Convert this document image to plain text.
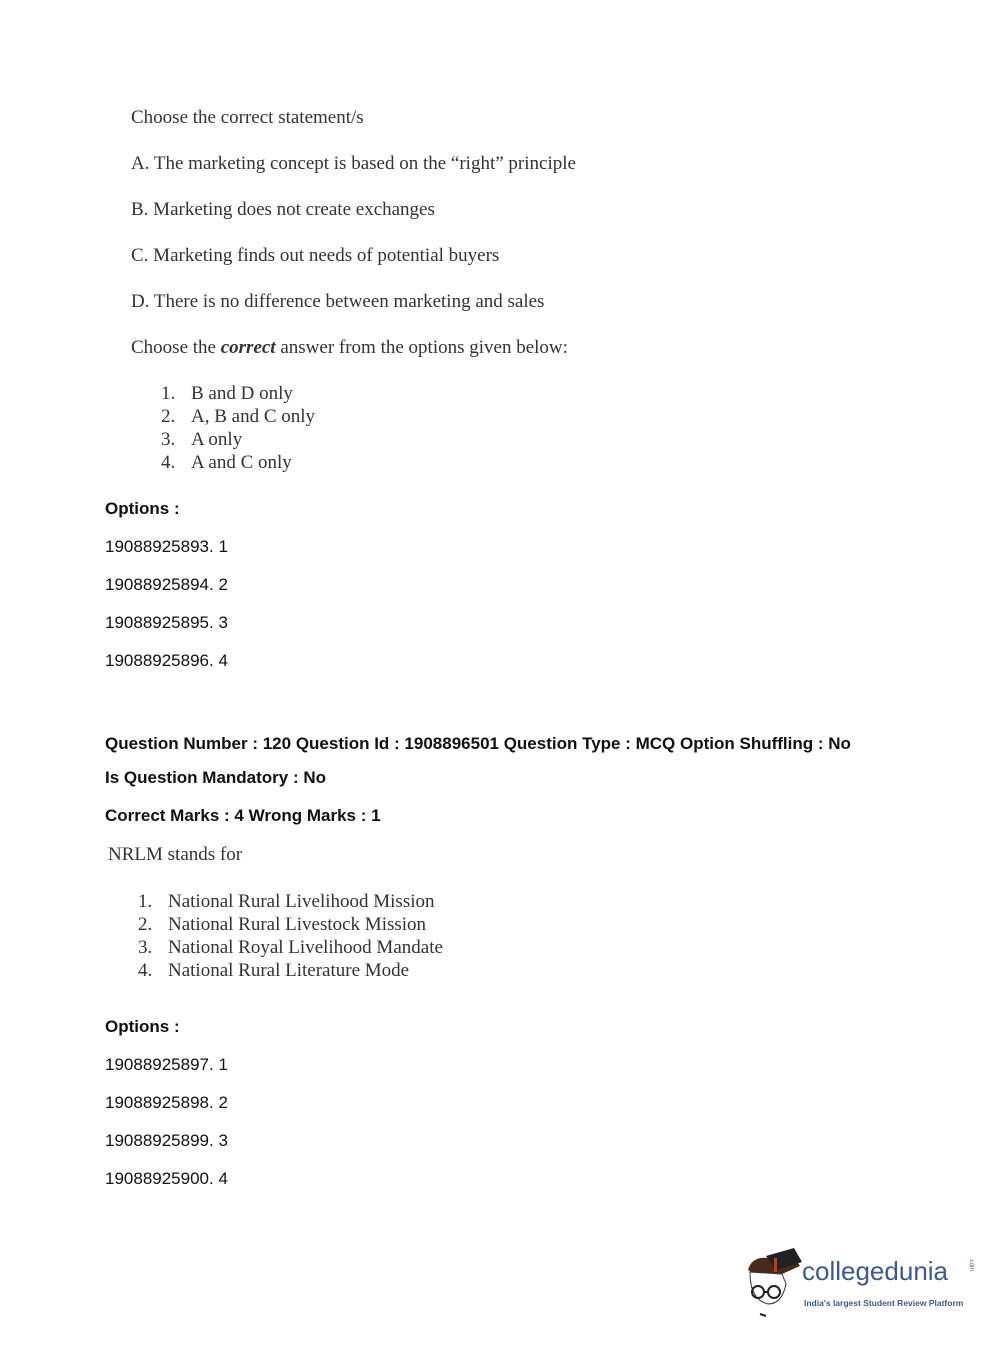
Choose the correct statement/s
A. The marketing concept is based on the “right” principle
B. Marketing does not create exchanges
C. Marketing finds out needs of potential buyers
D. There is no difference between marketing and sales
Choose the correct answer from the options given below:
1. B and D only
2. A, B and C only
3. A only
4. A and C only
Options :
19088925893. 1
19088925894. 2
19088925895. 3
19088925896. 4
Question Number : 120 Question Id : 1908896501 Question Type : MCQ Option Shuffling : No
Is Question Mandatory : No
Correct Marks : 4 Wrong Marks : 1
NRLM stands for
1. National Rural Livelihood Mission
2. National Rural Livestock Mission
3. National Royal Livelihood Mandate
4. National Rural Literature Mode
Options :
19088925897. 1
19088925898. 2
19088925899. 3
19088925900. 4
collegedunia	.com
India's largest Student Review Platform
